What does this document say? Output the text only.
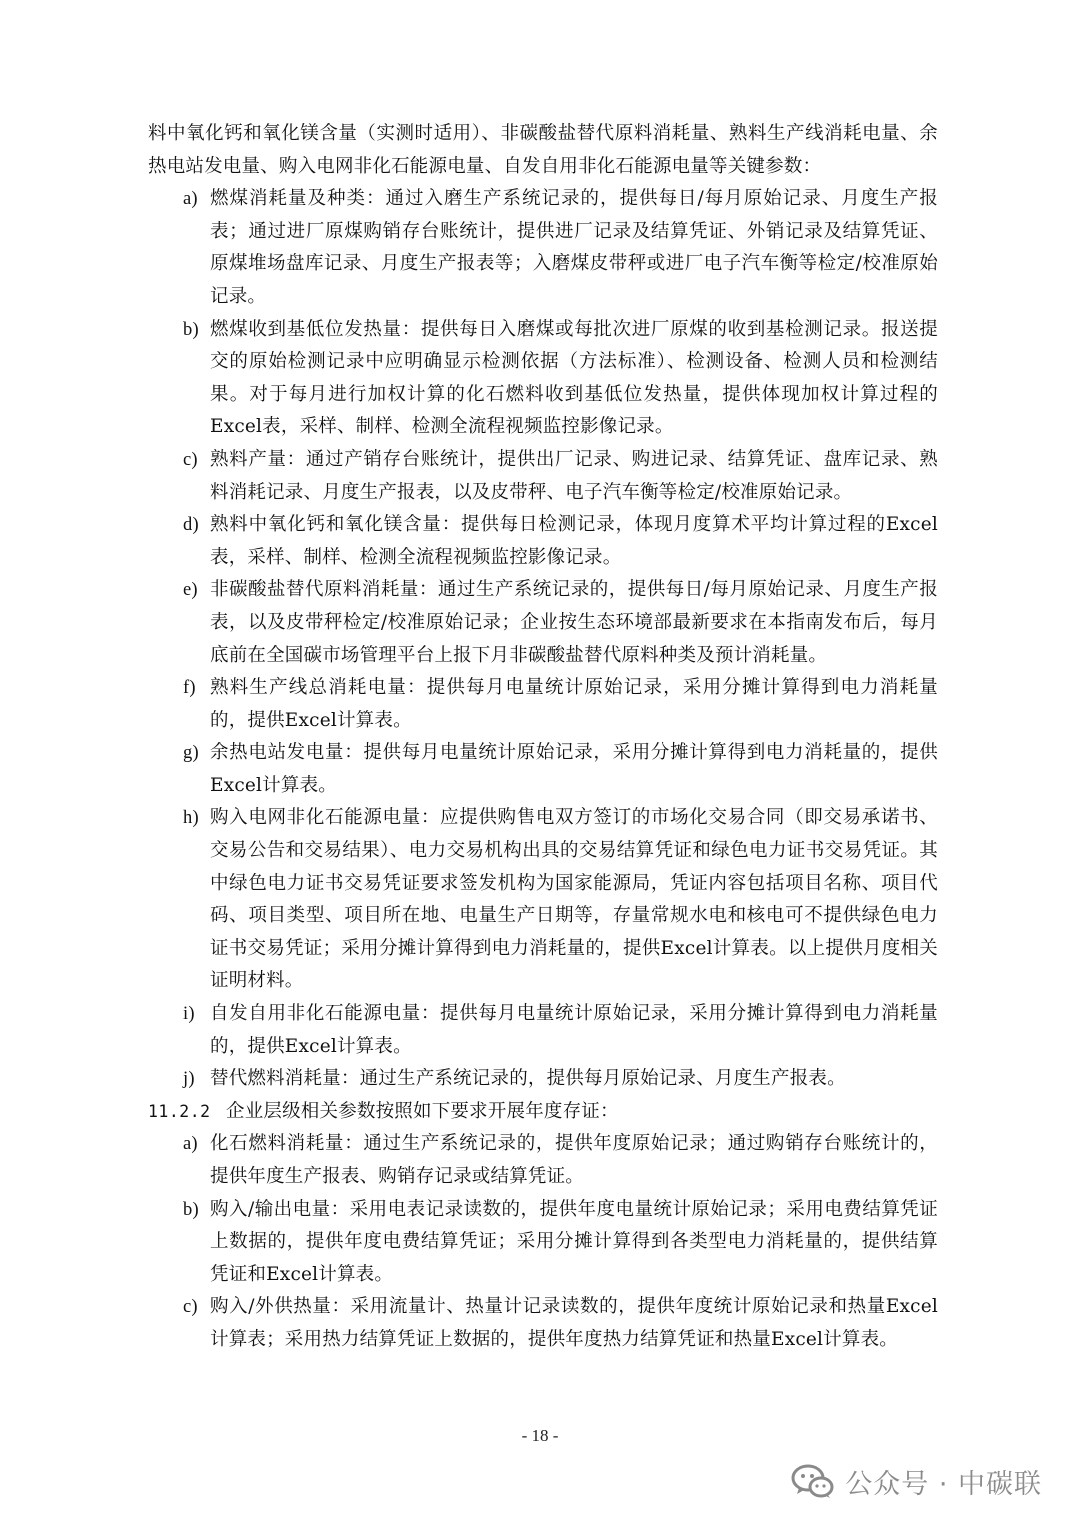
料中氧化钙和氧化镁含量（实测时适用）、非碳酸盐替代原料消耗量、熟料生产线消耗电量、余热电站发电量、购入电网非化石能源电量、自发自用非化石能源电量等关键参数：

a) 燃煤消耗量及种类：通过入磨生产系统记录的，提供每日/每月原始记录、月度生产报表；通过进厂原煤购销存台账统计，提供进厂记录及结算凭证、外销记录及结算凭证、原煤堆场盘库记录、月度生产报表等；入磨煤皮带秤或进厂电子汽车衡等检定/校准原始记录。
b) 燃煤收到基低位发热量：提供每日入磨煤或每批次进厂原煤的收到基检测记录。报送提交的原始检测记录中应明确显示检测依据（方法标准）、检测设备、检测人员和检测结果。对于每月进行加权计算的化石燃料收到基低位发热量，提供体现加权计算过程的Excel表，采样、制样、检测全流程视频监控影像记录。
c) 熟料产量：通过产销存台账统计，提供出厂记录、购进记录、结算凭证、盘库记录、熟料消耗记录、月度生产报表，以及皮带秤、电子汽车衡等检定/校准原始记录。
d) 熟料中氧化钙和氧化镁含量：提供每日检测记录，体现月度算术平均计算过程的Excel表，采样、制样、检测全流程视频监控影像记录。
e) 非碳酸盐替代原料消耗量：通过生产系统记录的，提供每日/每月原始记录、月度生产报表，以及皮带秤检定/校准原始记录；企业按生态环境部最新要求在本指南发布后，每月底前在全国碳市场管理平台上报下月非碳酸盐替代原料种类及预计消耗量。
f) 熟料生产线总消耗电量：提供每月电量统计原始记录，采用分摊计算得到电力消耗量的，提供Excel计算表。
g) 余热电站发电量：提供每月电量统计原始记录，采用分摊计算得到电力消耗量的，提供Excel计算表。
h) 购入电网非化石能源电量：应提供购售电双方签订的市场化交易合同（即交易承诺书、交易公告和交易结果）、电力交易机构出具的交易结算凭证和绿色电力证书交易凭证。其中绿色电力证书交易凭证要求签发机构为国家能源局，凭证内容包括项目名称、项目代码、项目类型、项目所在地、电量生产日期等，存量常规水电和核电可不提供绿色电力证书交易凭证；采用分摊计算得到电力消耗量的，提供Excel计算表。以上提供月度相关证明材料。
i) 自发自用非化石能源电量：提供每月电量统计原始记录，采用分摊计算得到电力消耗量的，提供Excel计算表。
j) 替代燃料消耗量：通过生产系统记录的，提供每月原始记录、月度生产报表。

11.2.2 企业层级相关参数按照如下要求开展年度存证：

a) 化石燃料消耗量：通过生产系统记录的，提供年度原始记录；通过购销存台账统计的，提供年度生产报表、购销存记录或结算凭证。
b) 购入/输出电量：采用电表记录读数的，提供年度电量统计原始记录；采用电费结算凭证上数据的，提供年度电费结算凭证；采用分摊计算得到各类型电力消耗量的，提供结算凭证和Excel计算表。
c) 购入/外供热量：采用流量计、热量计记录读数的，提供年度统计原始记录和热量Excel计算表；采用热力结算凭证上数据的，提供年度热力结算凭证和热量Excel计算表。
- 18 -
公众号 · 中碳联
